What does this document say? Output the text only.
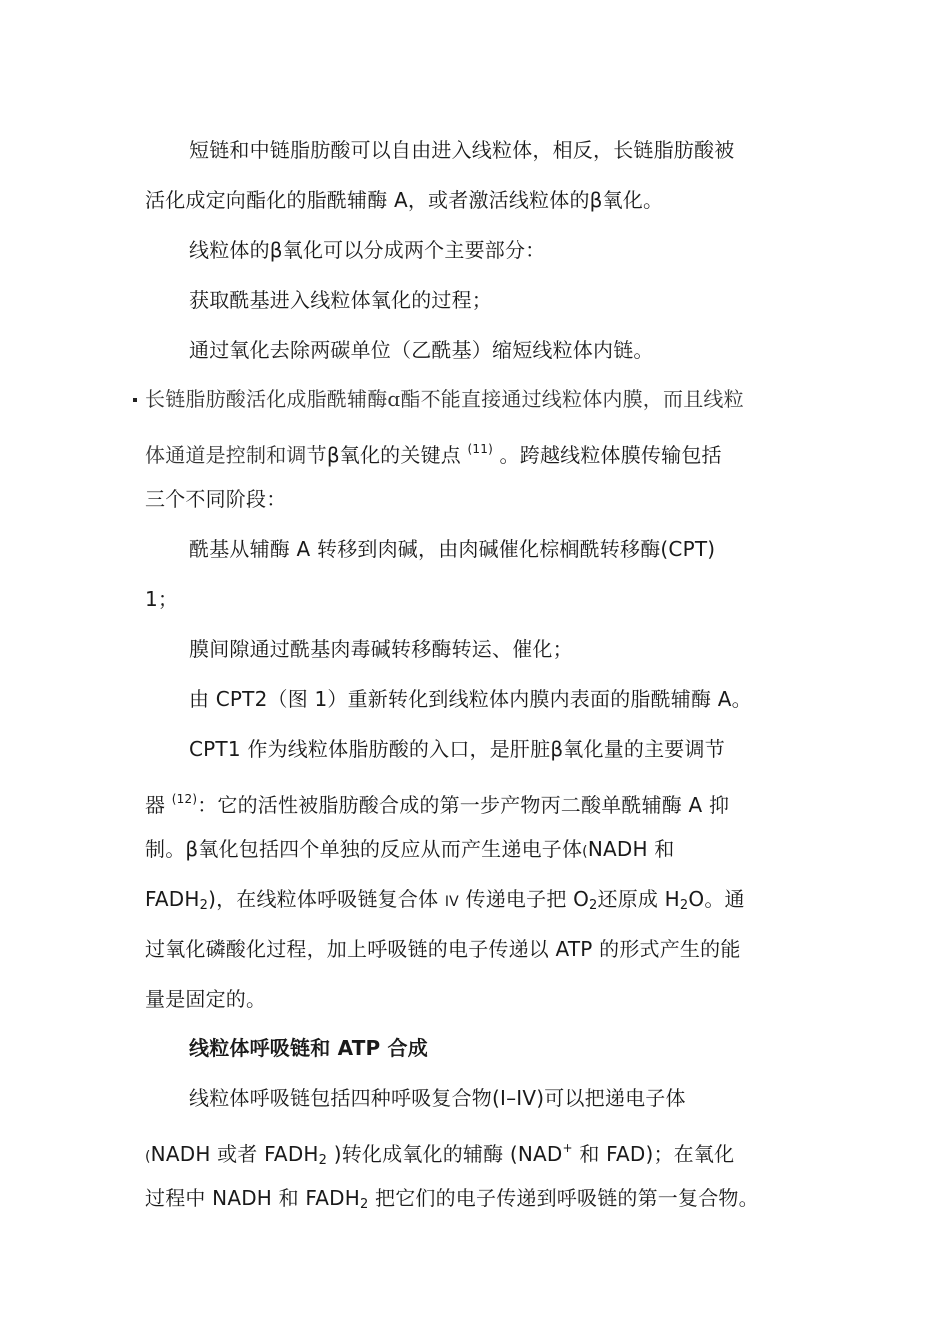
短链和中链脂肪酸可以自由进入线粒体，相反，长链脂肪酸被
活化成定向酯化的脂酰辅酶 A，或者激活线粒体的β氧化。
线粒体的β氧化可以分成两个主要部分：
获取酰基进入线粒体氧化的过程；
通过氧化去除两碳单位（乙酰基）缩短线粒体内链。
长链脂肪酸活化成脂酰辅酶ɑ酯不能直接通过线粒体内膜，而且线粒
体通道是控制和调节β氧化的关键点 $^{(11)}$ 。跨越线粒体膜传输包括
三个不同阶段：
酰基从辅酶 A 转移到肉碱，由肉碱催化棕榈酰转移酶(CPT)
1；
膜间隙通过酰基肉毒碱转移酶转运、催化；
由 CPT2（图 1）重新转化到线粒体内膜内表面的脂酰辅酶 A。
CPT1 作为线粒体脂肪酸的入口，是肝脏β氧化量的主要调节
器 $^{(12)}$：它的活性被脂肪酸合成的第一步产物丙二酸单酰辅酶 A 抑
制。β氧化包括四个单独的反应从而产生递电子体(NADH 和
$FADH_2$)，在线粒体呼吸链复合体 IV 传递电子把 $O_2$还原成 $H_2O$。通
过氧化磷酸化过程，加上呼吸链的电子传递以 ATP 的形式产生的能
量是固定的。
线粒体呼吸链和 ATP 合成
线粒体呼吸链包括四种呼吸复合物(I–IV)可以把递电子体
(NADH 或者 $FADH_2$ )转化成氧化的辅酶 (NAD+ 和 FAD)；在氧化
过程中 NADH 和 $FADH_2$ 把它们的电子传递到呼吸链的第一复合物。
